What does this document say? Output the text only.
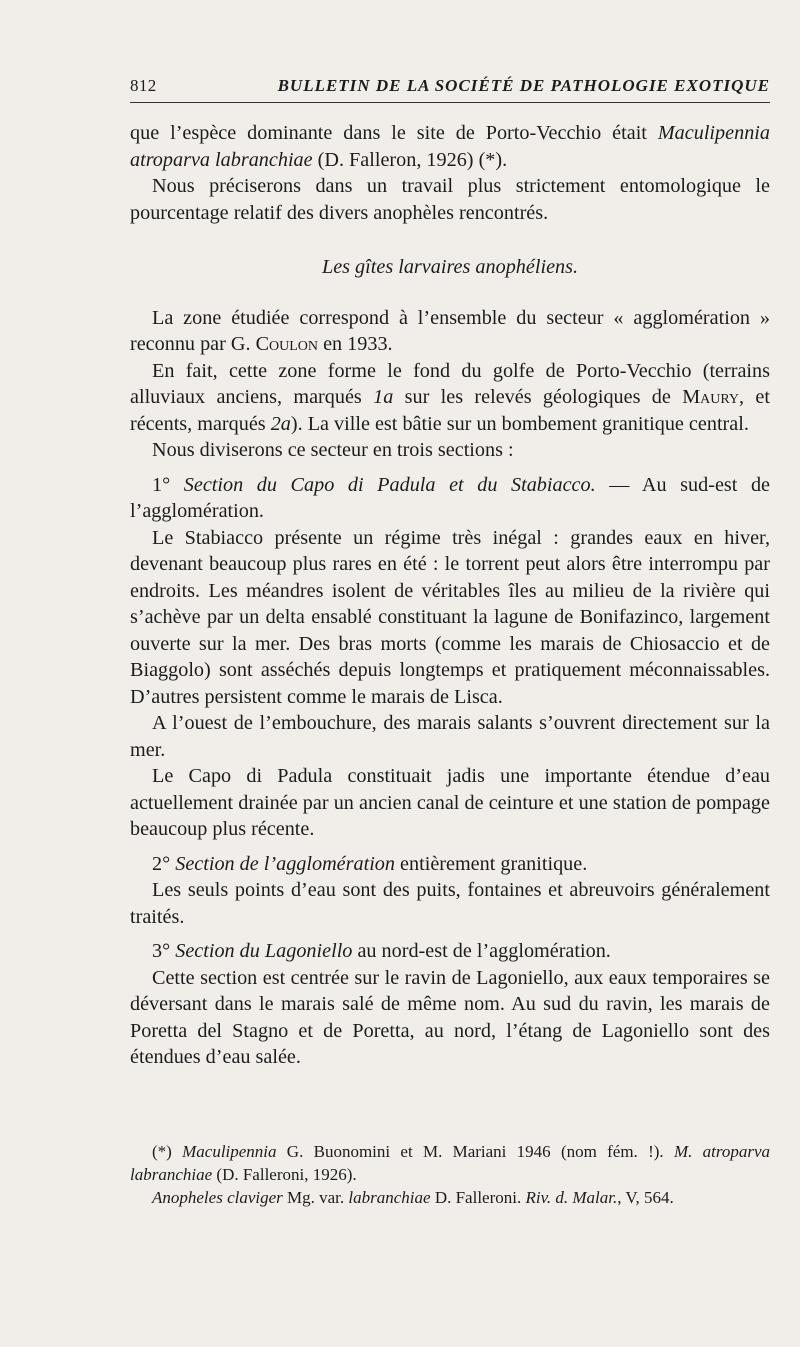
812	BULLETIN DE LA SOCIÉTÉ DE PATHOLOGIE EXOTIQUE

que l’espèce dominante dans le site de Porto-Vecchio était Maculipennia atroparva labranchiae (D. Falleron, 1926) (*).

Nous préciserons dans un travail plus strictement entomologique le pourcentage relatif des divers anophèles rencontrés.

Les gîtes larvaires anophéliens.

La zone étudiée correspond à l’ensemble du secteur « agglomération » reconnu par G. Coulon en 1933.

En fait, cette zone forme le fond du golfe de Porto-Vecchio (terrains alluviaux anciens, marqués 1a sur les relevés géologiques de Maury, et récents, marqués 2a). La ville est bâtie sur un bombement granitique central.

Nous diviserons ce secteur en trois sections :

1° Section du Capo di Padula et du Stabiacco. — Au sud-est de l’agglomération.

Le Stabiacco présente un régime très inégal : grandes eaux en hiver, devenant beaucoup plus rares en été : le torrent peut alors être interrompu par endroits. Les méandres isolent de véritables îles au milieu de la rivière qui s’achève par un delta ensablé constituant la lagune de Bonifazinco, largement ouverte sur la mer. Des bras morts (comme les marais de Chiosaccio et de Biaggolo) sont asséchés depuis longtemps et pratiquement méconnaissables. D’autres persistent comme le marais de Lisca.

A l’ouest de l’embouchure, des marais salants s’ouvrent directement sur la mer.

Le Capo di Padula constituait jadis une importante étendue d’eau actuellement drainée par un ancien canal de ceinture et une station de pompage beaucoup plus récente.

2° Section de l’agglomération entièrement granitique.

Les seuls points d’eau sont des puits, fontaines et abreuvoirs généralement traités.

3° Section du Lagoniello au nord-est de l’agglomération.

Cette section est centrée sur le ravin de Lagoniello, aux eaux temporaires se déversant dans le marais salé de même nom. Au sud du ravin, les marais de Poretta del Stagno et de Poretta, au nord, l’étang de Lagoniello sont des étendues d’eau salée.

(*) Maculipennia G. Buonomini et M. Mariani 1946 (nom fém. !). M. atroparva labranchiae (D. Falleroni, 1926).

Anopheles claviger Mg. var. labranchiae D. Falleroni. Riv. d. Malar., V, 564.
